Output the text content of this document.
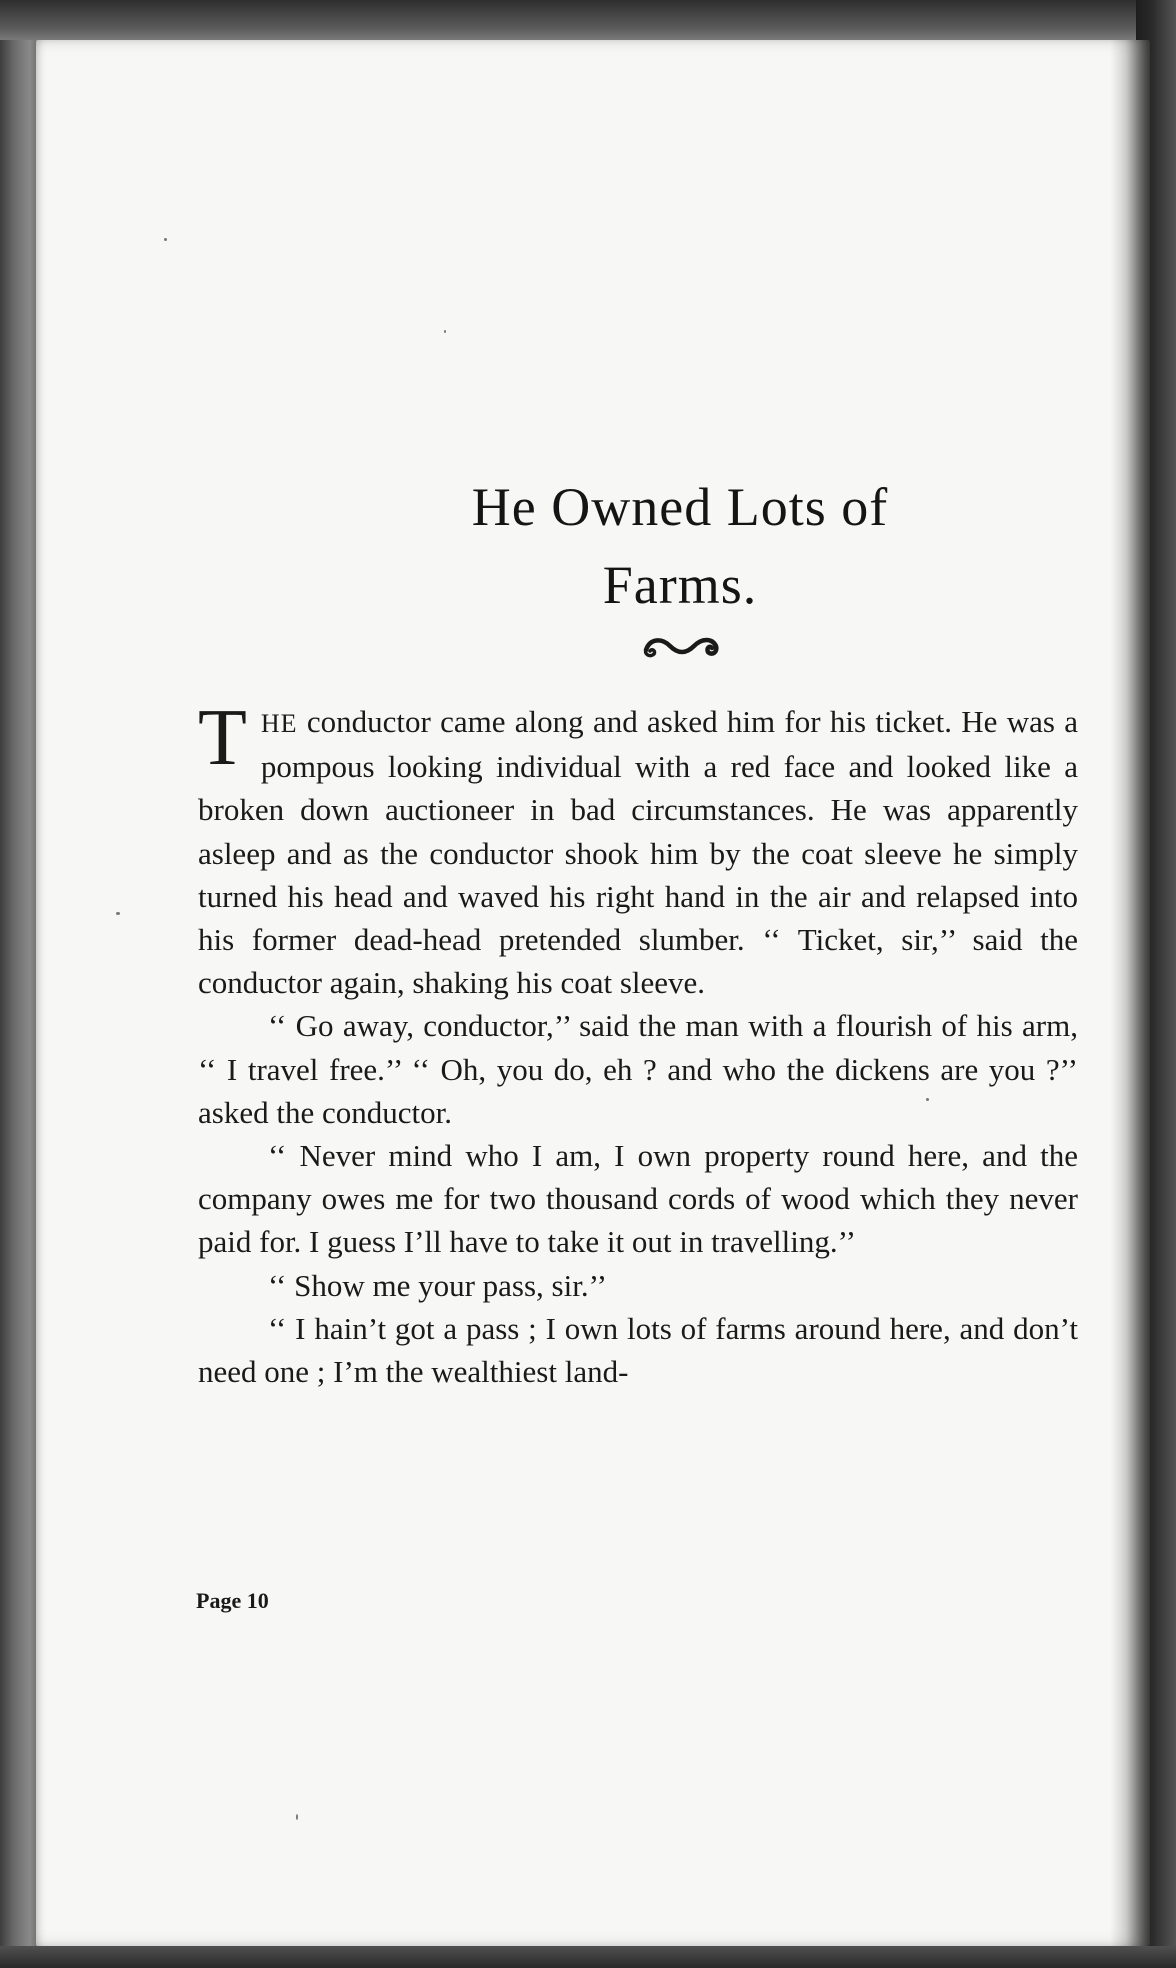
He Owned Lots of
Farms.

THE conductor came along and asked him for his ticket. He was a pompous looking individual with a red face and looked like a broken down auctioneer in bad circumstances. He was apparently asleep and as the conductor shook him by the coat sleeve he simply turned his head and waved his right hand in the air and relapsed into his former dead-head pretended slumber. ‘‘ Ticket, sir,’’ said the conductor again, shaking his coat sleeve.

‘‘ Go away, conductor,’’ said the man with a flourish of his arm, ‘‘ I travel free.’’ ‘‘ Oh, you do, eh ? and who the dickens are you ?’’ asked the conductor.

‘‘ Never mind who I am, I own property round here, and the company owes me for two thousand cords of wood which they never paid for. I guess I’ll have to take it out in travelling.’’

‘‘ Show me your pass, sir.’’

‘‘ I hain’t got a pass ; I own lots of farms around here, and don’t need one ; I’m the wealthiest land-

Page 10
